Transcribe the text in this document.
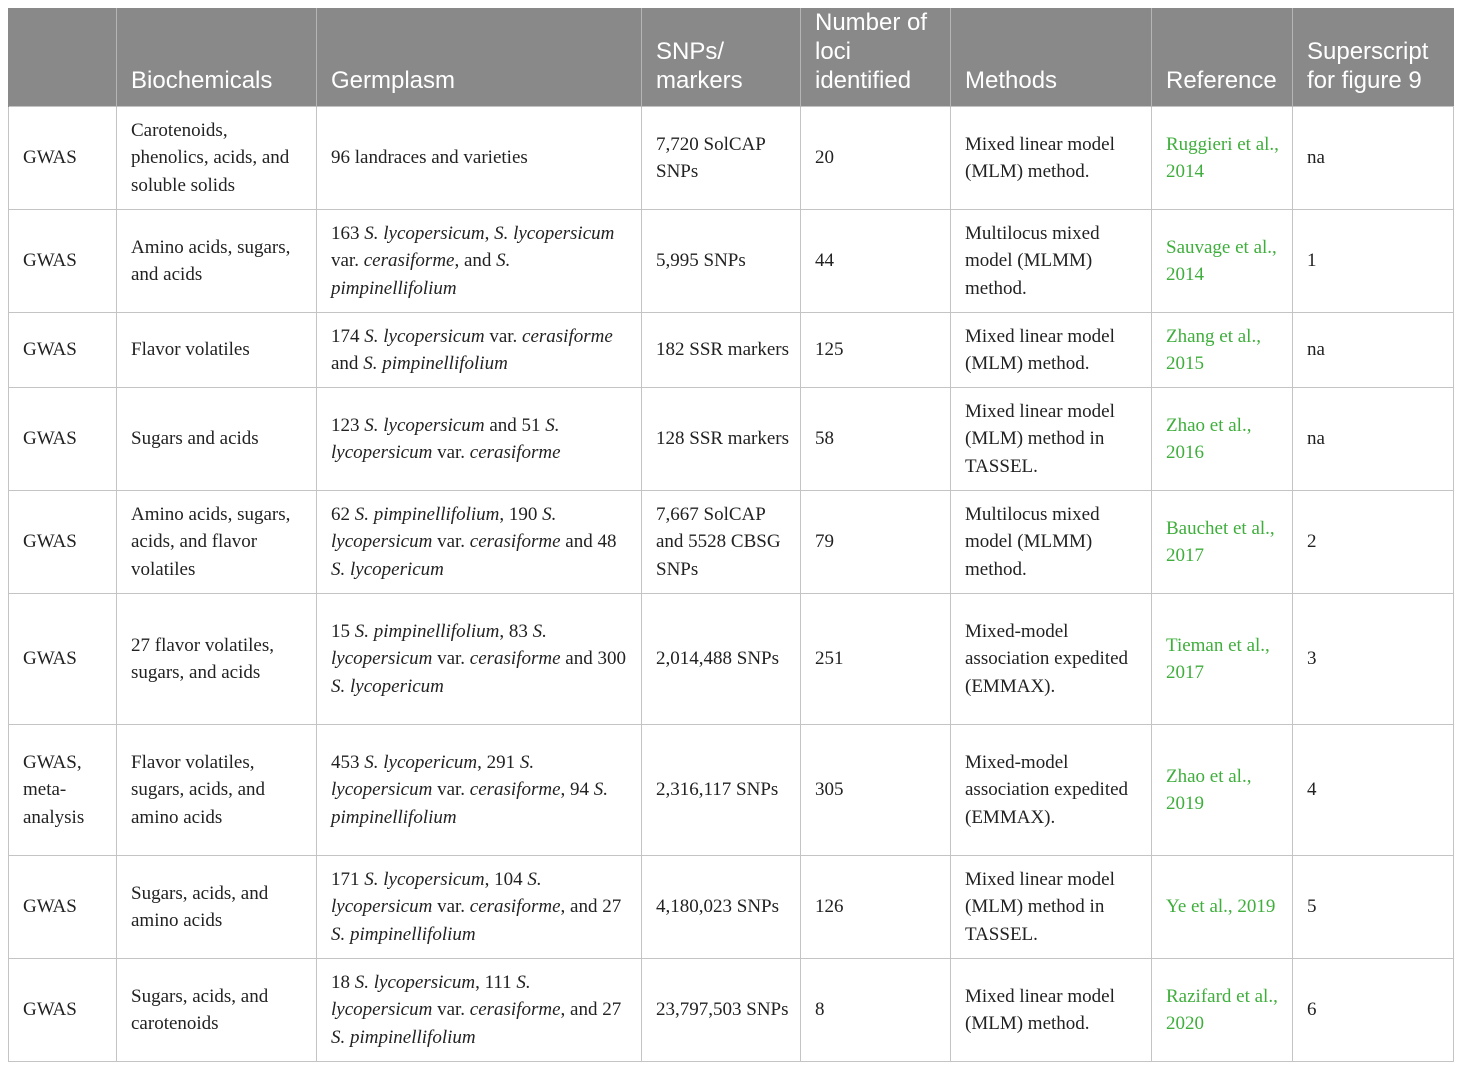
	Biochemicals	Germplasm	SNPs/ markers	Number of loci identified	Methods	Reference	Superscript for figure 9
GWAS	Carotenoids, phenolics, acids, and soluble solids	96 landraces and varieties	7,720 SolCAP SNPs	20	Mixed linear model (MLM) method.	Ruggieri et al., 2014	na
GWAS	Amino acids, sugars, and acids	163 S. lycopersicum, S. lycopersicum var. cerasiforme, and S. pimpinellifolium	5,995 SNPs	44	Multilocus mixed model (MLMM) method.	Sauvage et al., 2014	1
GWAS	Flavor volatiles	174 S. lycopersicum var. cerasiforme and S. pimpinellifolium	182 SSR markers	125	Mixed linear model (MLM) method.	Zhang et al., 2015	na
GWAS	Sugars and acids	123 S. lycopersicum and 51 S. lycopersicum var. cerasiforme	128 SSR markers	58	Mixed linear model (MLM) method in TASSEL.	Zhao et al., 2016	na
GWAS	Amino acids, sugars, acids, and flavor volatiles	62 S. pimpinellifolium, 190 S. lycopersicum var. cerasiforme and 48 S. lycopericum	7,667 SolCAP and 5528 CBSG SNPs	79	Multilocus mixed model (MLMM) method.	Bauchet et al., 2017	2
GWAS	27 flavor volatiles, sugars, and acids	15 S. pimpinellifolium, 83 S. lycopersicum var. cerasiforme and 300 S. lycopericum	2,014,488 SNPs	251	Mixed-model association expedited (EMMAX).	Tieman et al., 2017	3
GWAS, meta-analysis	Flavor volatiles, sugars, acids, and amino acids	453 S. lycopericum, 291 S. lycopersicum var. cerasiforme, 94 S. pimpinellifolium	2,316,117 SNPs	305	Mixed-model association expedited (EMMAX).	Zhao et al., 2019	4
GWAS	Sugars, acids, and amino acids	171 S. lycopersicum, 104 S. lycopersicum var. cerasiforme, and 27 S. pimpinellifolium	4,180,023 SNPs	126	Mixed linear model (MLM) method in TASSEL.	Ye et al., 2019	5
GWAS	Sugars, acids, and carotenoids	18 S. lycopersicum, 111 S. lycopersicum var. cerasiforme, and 27 S. pimpinellifolium	23,797,503 SNPs	8	Mixed linear model (MLM) method.	Razifard et al., 2020	6
